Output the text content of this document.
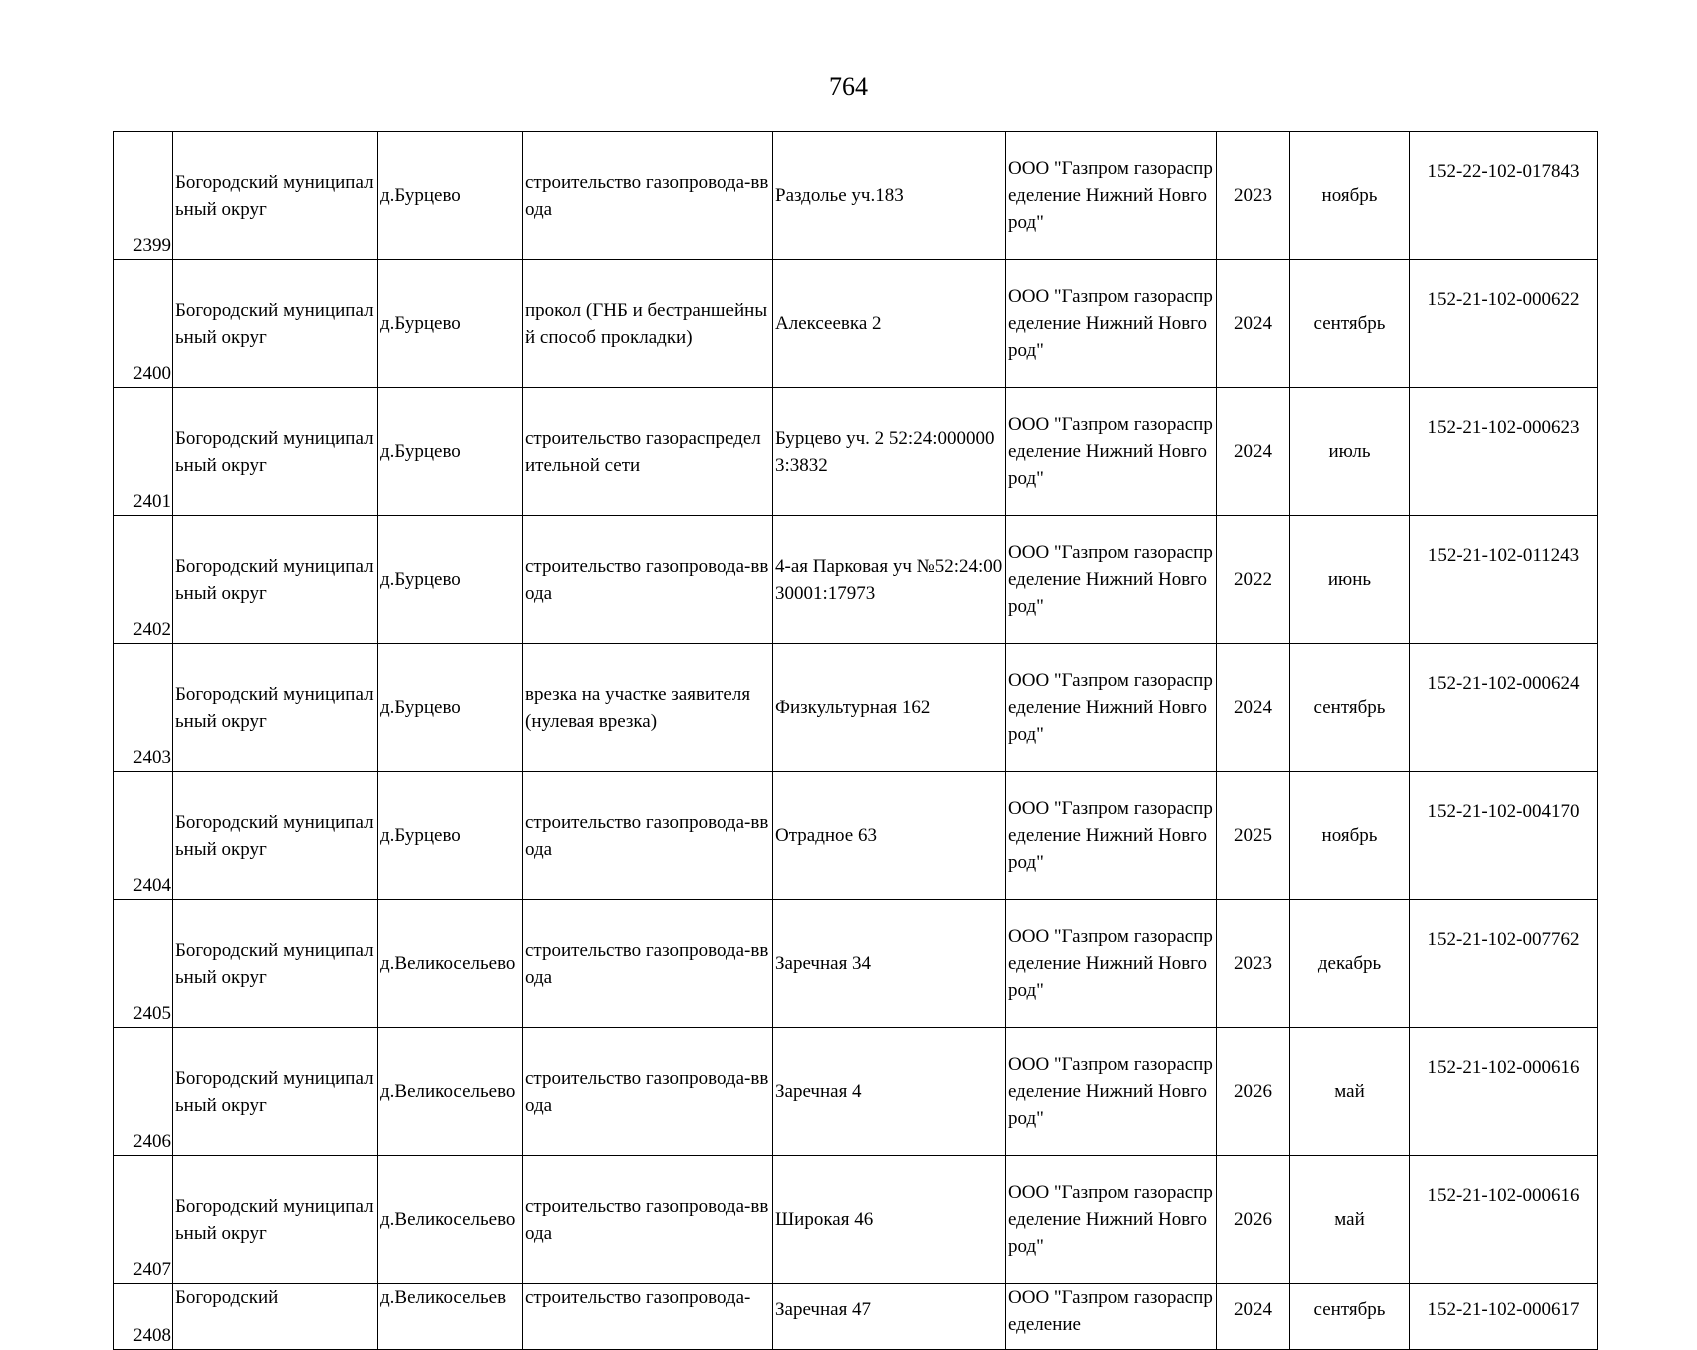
764
2399	Богородский муниципальный округ	д.Бурцево	строительство газопровода-ввода	Раздолье уч.183	ООО "Газпром газораспределение Нижний Новгород"	2023	ноябрь	152-22-102-017843
2400	Богородский муниципальный округ	д.Бурцево	прокол (ГНБ и бестраншейный способ прокладки)	Алексеевка 2	ООО "Газпром газораспределение Нижний Новгород"	2024	сентябрь	152-21-102-000622
2401	Богородский муниципальный округ	д.Бурцево	строительство газораспределительной сети	Бурцево уч. 2 52:24:0000003:3832	ООО "Газпром газораспределение Нижний Новгород"	2024	июль	152-21-102-000623
2402	Богородский муниципальный округ	д.Бурцево	строительство газопровода-ввода	4-ая Парковая уч №52:24:0030001:17973	ООО "Газпром газораспределение Нижний Новгород"	2022	июнь	152-21-102-011243
2403	Богородский муниципальный округ	д.Бурцево	врезка на участке заявителя (нулевая врезка)	Физкультурная 162	ООО "Газпром газораспределение Нижний Новгород"	2024	сентябрь	152-21-102-000624
2404	Богородский муниципальный округ	д.Бурцево	строительство газопровода-ввода	Отрадное 63	ООО "Газпром газораспределение Нижний Новгород"	2025	ноябрь	152-21-102-004170
2405	Богородский муниципальный округ	д.Великосельево	строительство газопровода-ввода	Заречная 34	ООО "Газпром газораспределение Нижний Новгород"	2023	декабрь	152-21-102-007762
2406	Богородский муниципальный округ	д.Великосельево	строительство газопровода-ввода	Заречная 4	ООО "Газпром газораспределение Нижний Новгород"	2026	май	152-21-102-000616
2407	Богородский муниципальный округ	д.Великосельево	строительство газопровода-ввода	Широкая 46	ООО "Газпром газораспределение Нижний Новгород"	2026	май	152-21-102-000616
2408	Богородский	д.Великосельев	строительство газопровода-	Заречная 47	ООО "Газпром газораспределение	2024	сентябрь	152-21-102-000617
